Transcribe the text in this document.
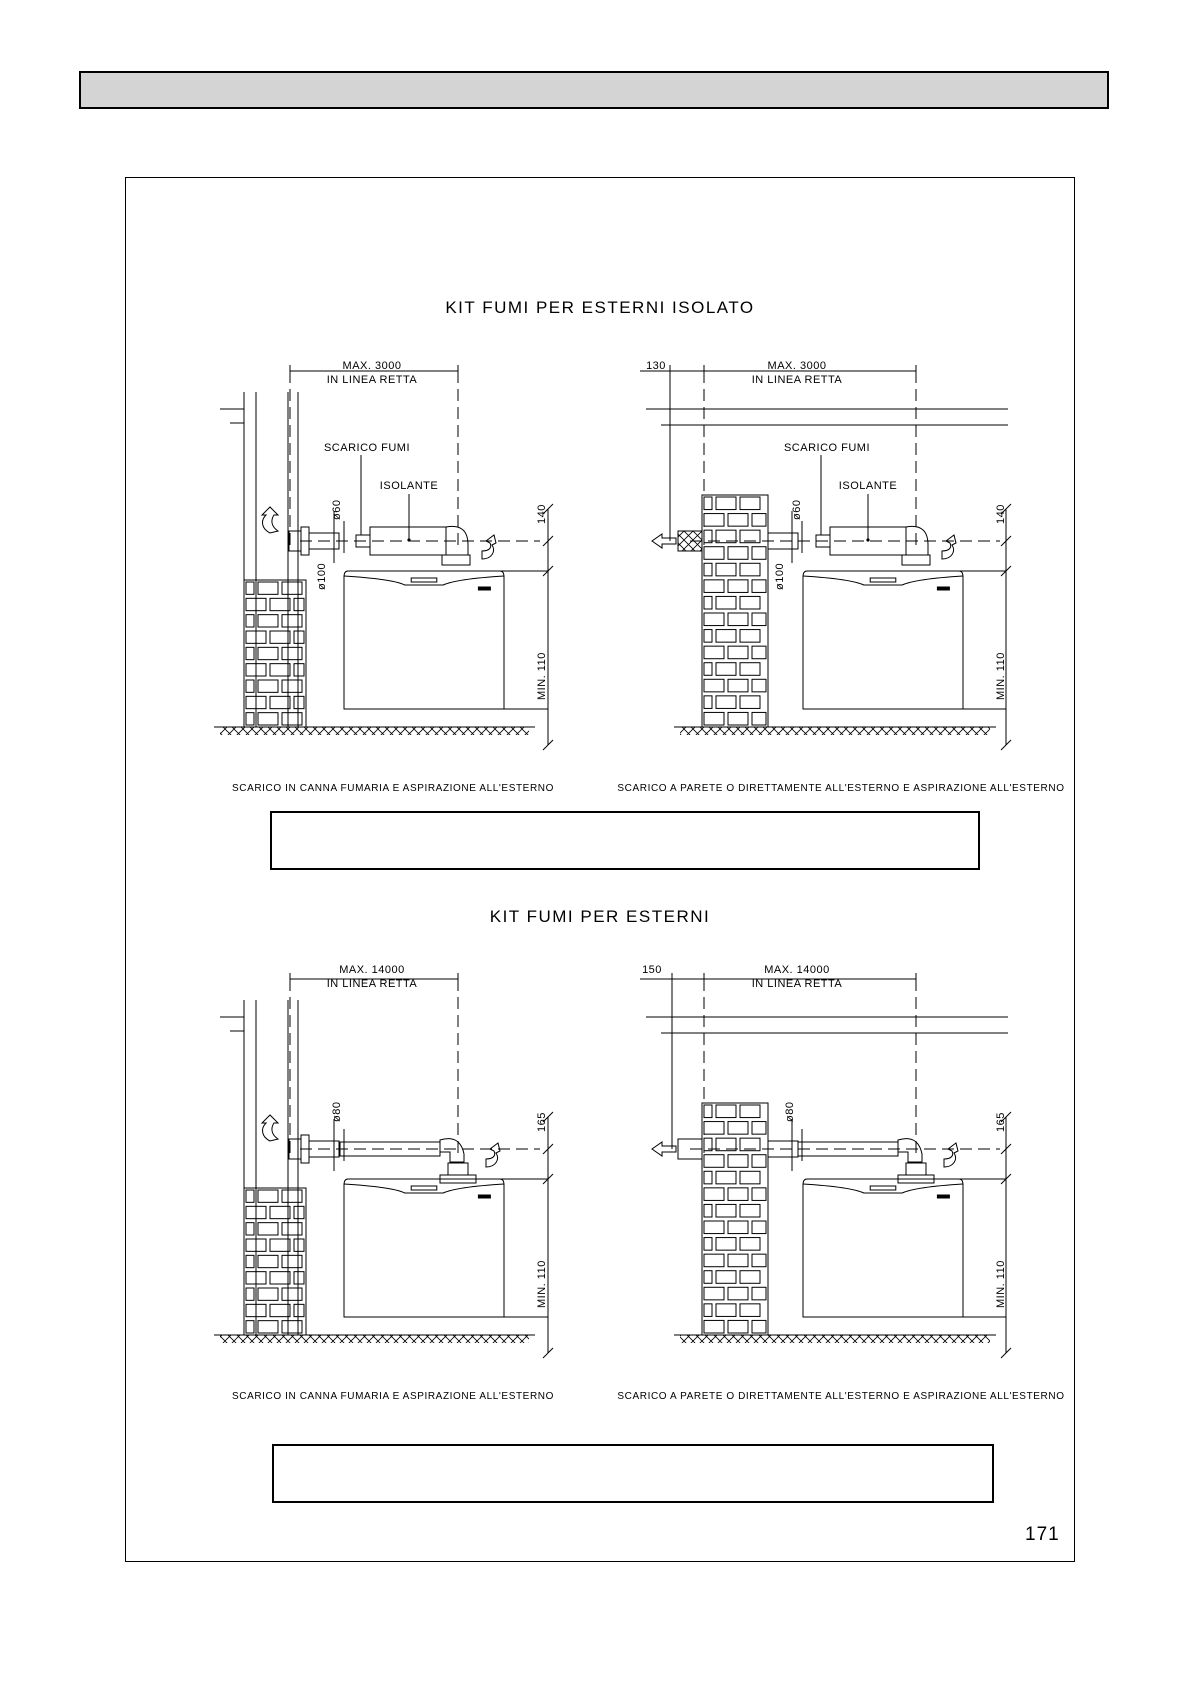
KIT FUMI PER ESTERNI ISOLATO
KIT FUMI PER ESTERNI
MAX. 3000
IN LINEA RETTA
SCARICO FUMI
ISOLANTE
ø60
ø100
140
MIN. 110
SCARICO IN CANNA FUMARIA E ASPIRAZIONE ALL'ESTERNO
130	MAX. 3000
IN LINEA RETTA
SCARICO FUMI
ISOLANTE
ø60
ø100
140
MIN. 110
SCARICO A PARETE O DIRETTAMENTE ALL'ESTERNO E ASPIRAZIONE ALL'ESTERNO
MAX. 14000
IN LINEA RETTA
ø80
165
MIN. 110
SCARICO IN CANNA FUMARIA E ASPIRAZIONE ALL'ESTERNO
150	MAX. 14000
IN LINEA RETTA
ø80
165
MIN. 110
SCARICO A PARETE O DIRETTAMENTE ALL'ESTERNO E ASPIRAZIONE ALL'ESTERNO
171
